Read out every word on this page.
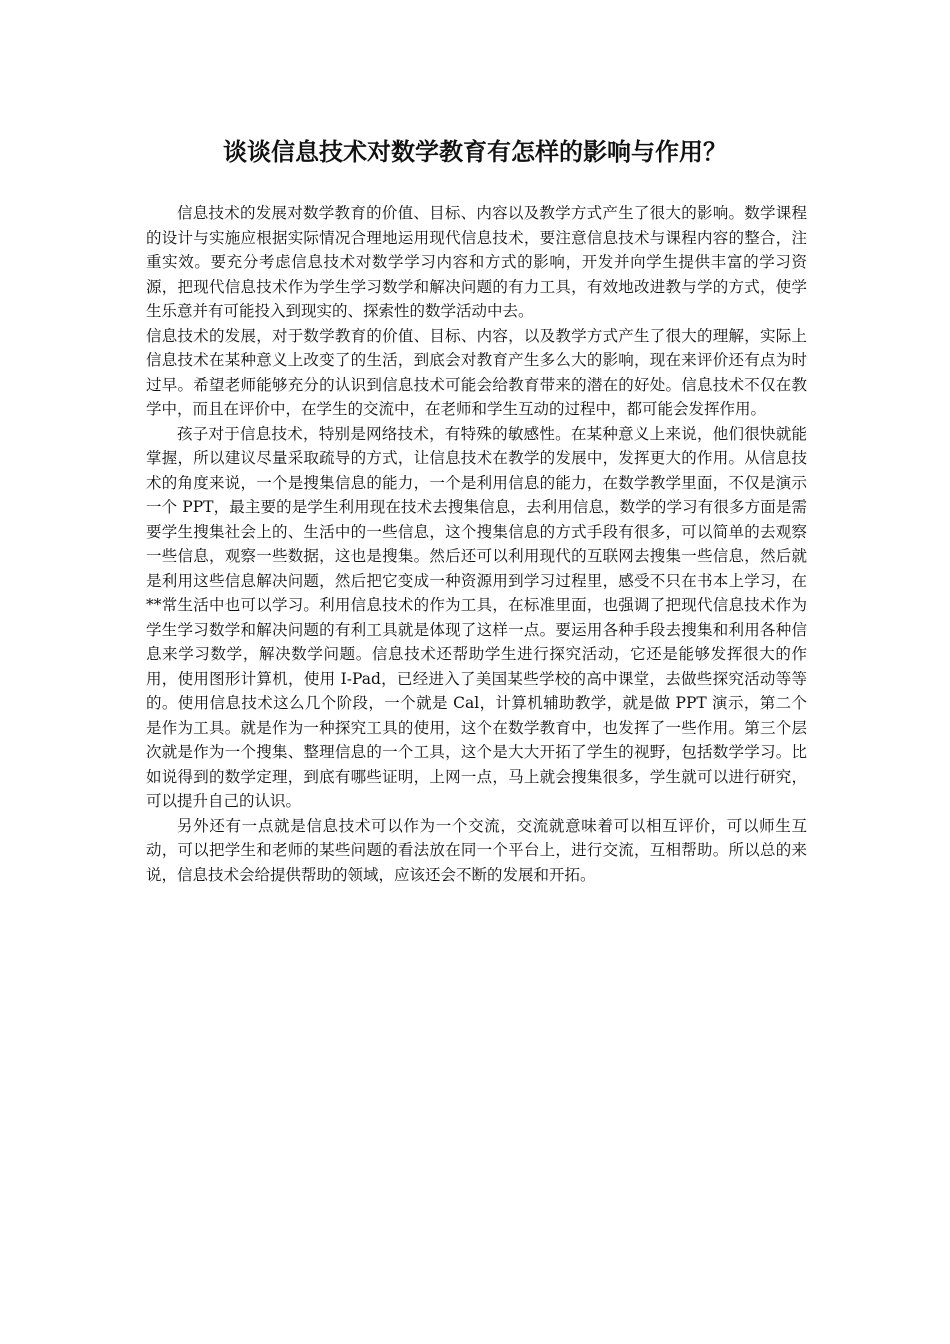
谈谈信息技术对数学教育有怎样的影响与作用？

信息技术的发展对数学教育的价值、目标、内容以及教学方式产生了很大的影响。数学课程的设计与实施应根据实际情况合理地运用现代信息技术，要注意信息技术与课程内容的整合，注重实效。要充分考虑信息技术对数学学习内容和方式的影响，开发并向学生提供丰富的学习资源，把现代信息技术作为学生学习数学和解决问题的有力工具，有效地改进教与学的方式，使学生乐意并有可能投入到现实的、探索性的数学活动中去。

信息技术的发展，对于数学教育的价值、目标、内容，以及教学方式产生了很大的理解，实际上信息技术在某种意义上改变了的生活，到底会对教育产生多么大的影响，现在来评价还有点为时过早。希望老师能够充分的认识到信息技术可能会给教育带来的潜在的好处。信息技术不仅在教学中，而且在评价中，在学生的交流中，在老师和学生互动的过程中，都可能会发挥作用。

孩子对于信息技术，特别是网络技术，有特殊的敏感性。在某种意义上来说，他们很快就能掌握，所以建议尽量采取疏导的方式，让信息技术在教学的发展中，发挥更大的作用。从信息技术的角度来说，一个是搜集信息的能力，一个是利用信息的能力，在数学教学里面，不仅是演示一个 PPT，最主要的是学生利用现在技术去搜集信息，去利用信息，数学的学习有很多方面是需要学生搜集社会上的、生活中的一些信息，这个搜集信息的方式手段有很多，可以简单的去观察一些信息，观察一些数据，这也是搜集。然后还可以利用现代的互联网去搜集一些信息，然后就是利用这些信息解决问题，然后把它变成一种资源用到学习过程里，感受不只在书本上学习，在**常生活中也可以学习。利用信息技术的作为工具，在标准里面，也强调了把现代信息技术作为学生学习数学和解决问题的有利工具就是体现了这样一点。要运用各种手段去搜集和利用各种信息来学习数学，解决数学问题。信息技术还帮助学生进行探究活动，它还是能够发挥很大的作用，使用图形计算机，使用 I-Pad，已经进入了美国某些学校的高中课堂，去做些探究活动等等的。使用信息技术这么几个阶段，一个就是 Cal，计算机辅助教学，就是做 PPT 演示，第二个是作为工具。就是作为一种探究工具的使用，这个在数学教育中，也发挥了一些作用。第三个层次就是作为一个搜集、整理信息的一个工具，这个是大大开拓了学生的视野，包括数学学习。比如说得到的数学定理，到底有哪些证明，上网一点，马上就会搜集很多，学生就可以进行研究，可以提升自己的认识。

另外还有一点就是信息技术可以作为一个交流，交流就意味着可以相互评价，可以师生互动，可以把学生和老师的某些问题的看法放在同一个平台上，进行交流，互相帮助。所以总的来说，信息技术会给提供帮助的领域，应该还会不断的发展和开拓。
